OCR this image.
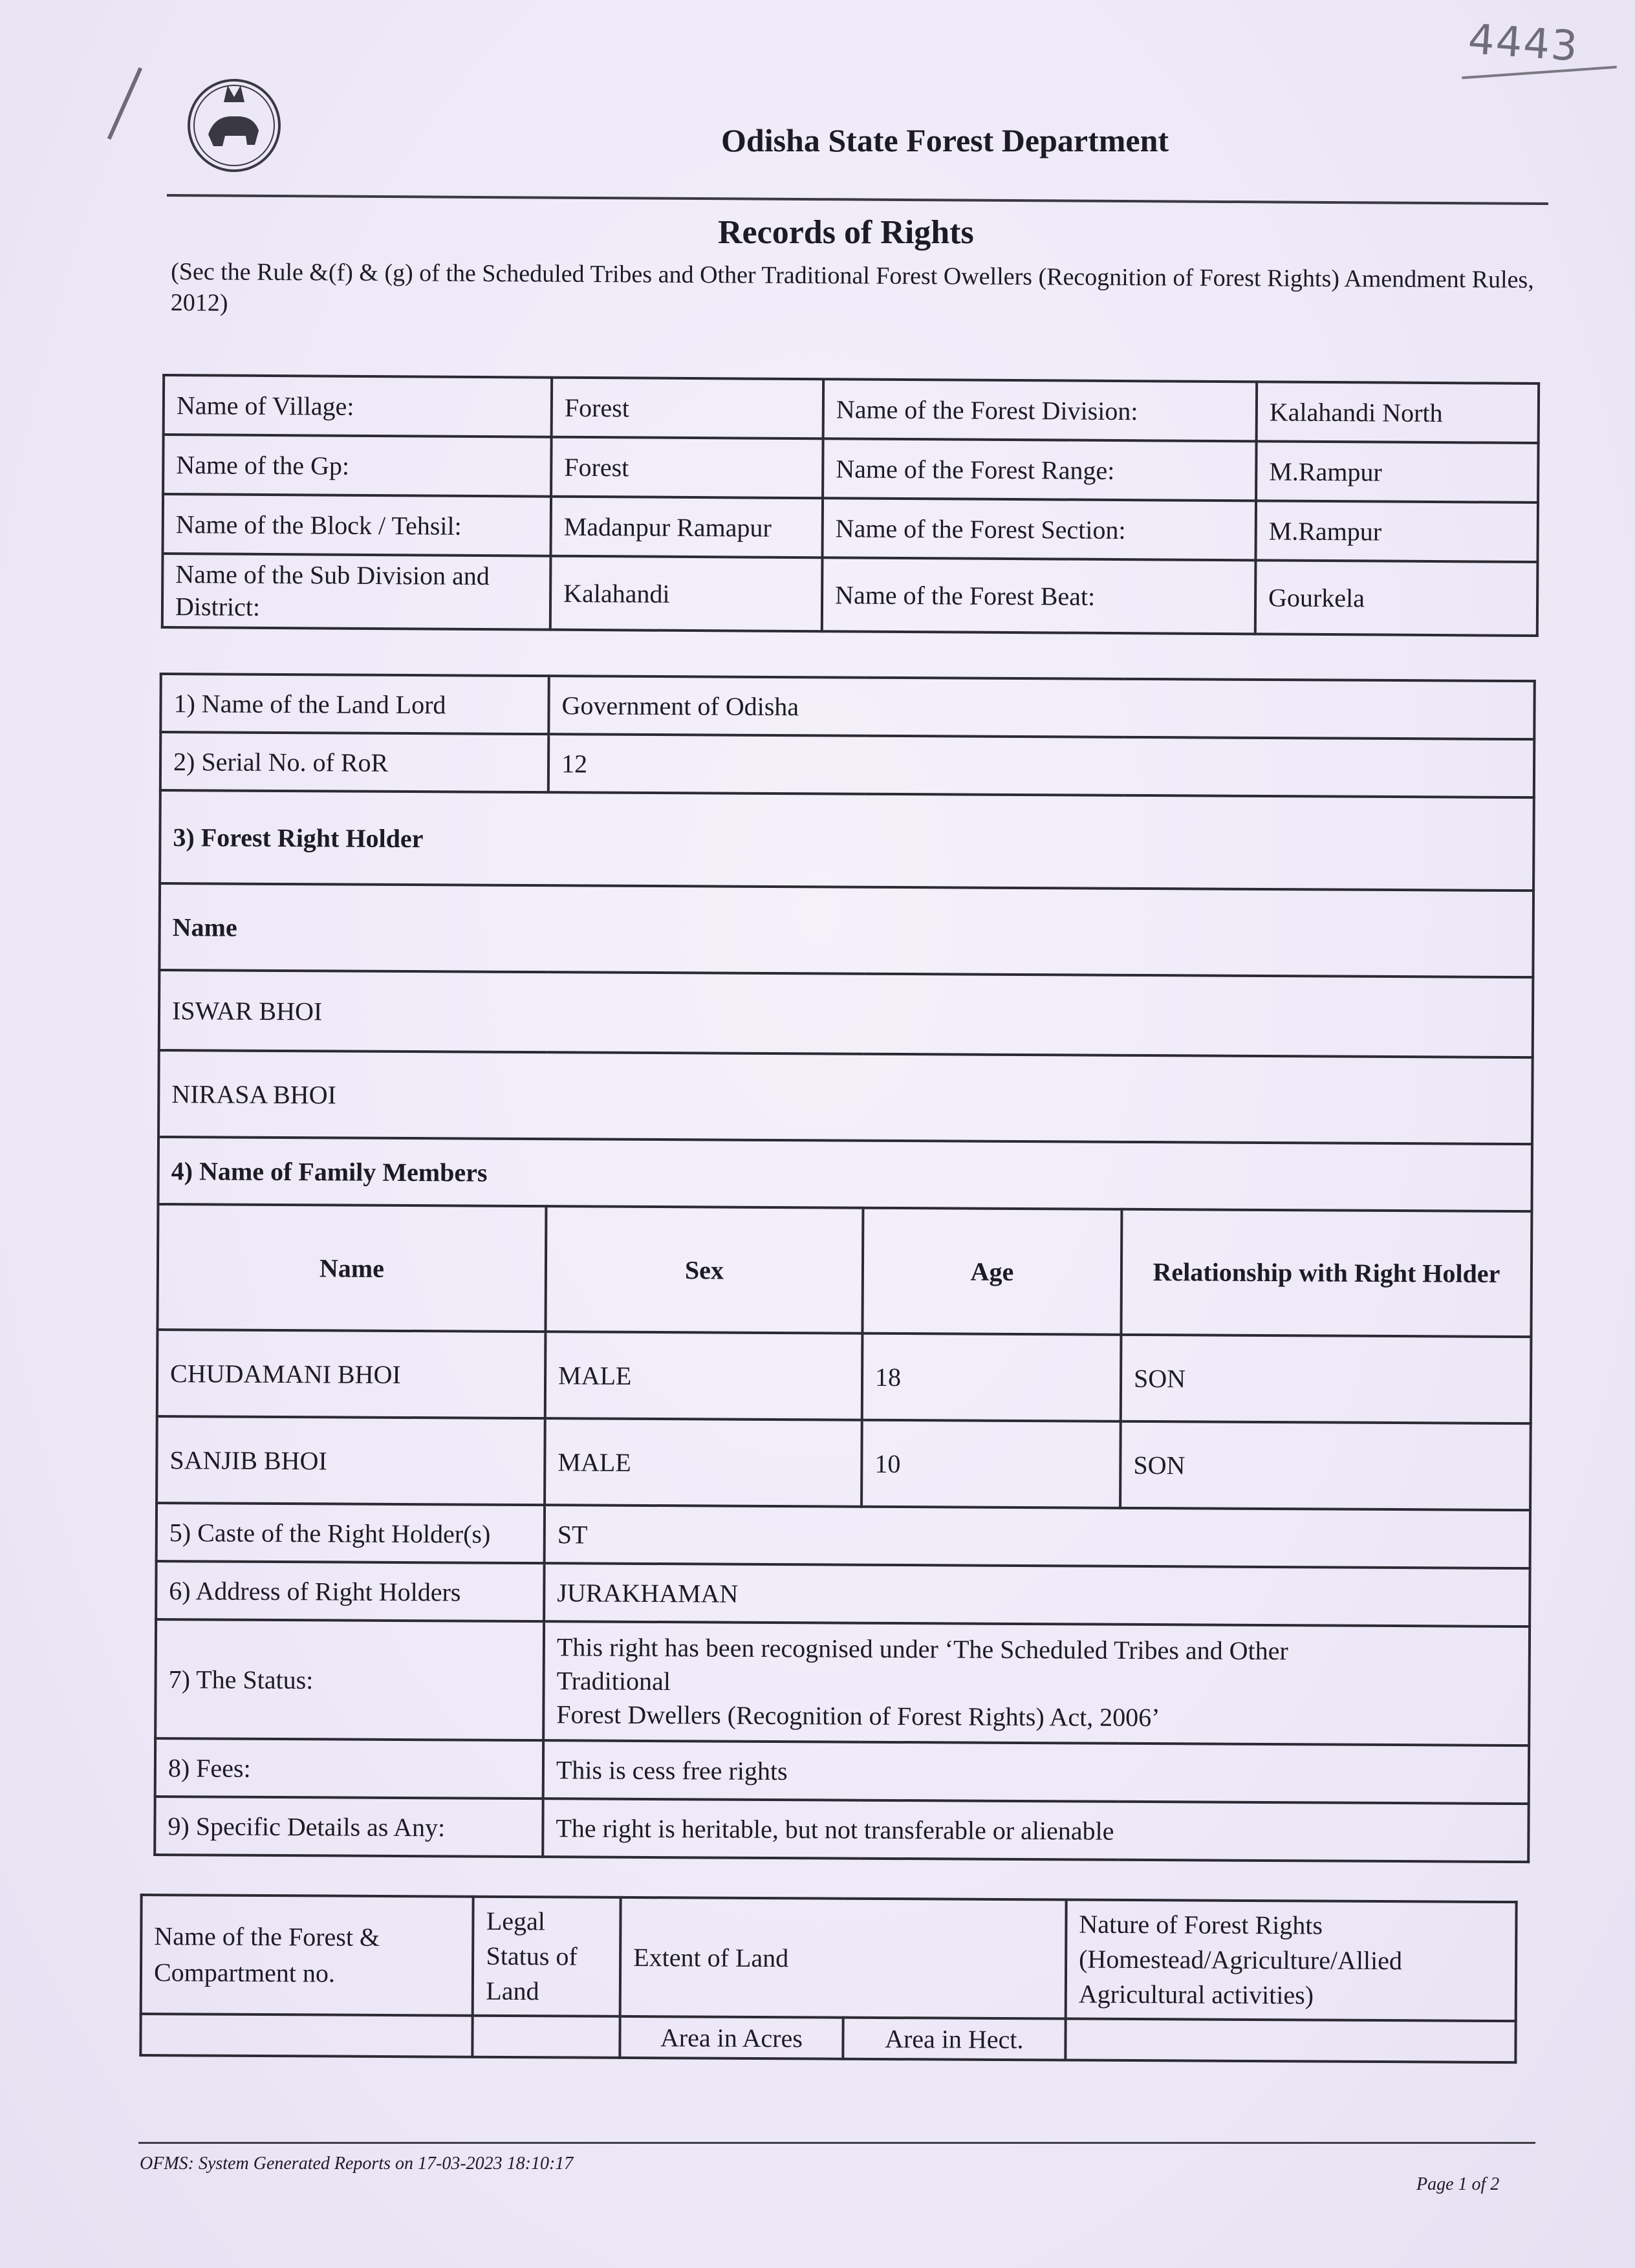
4443
Odisha State Forest Department
Records of Rights
(Sec the Rule &(f) & (g) of the Scheduled Tribes and Other Traditional Forest Owellers (Recognition of Forest Rights) Amendment Rules, 2012)
Name of Village:	Forest	Name of the Forest Division:	Kalahandi North
Name of the Gp:	Forest	Name of the Forest Range:	M.Rampur
Name of the Block / Tehsil:	Madanpur Ramapur	Name of the Forest Section:	M.Rampur
Name of the Sub Division and District:	Kalahandi	Name of the Forest Beat:	Gourkela
1) Name of the Land Lord	Government of Odisha		
2) Serial No. of RoR	12		
3) Forest Right Holder			
Name			
ISWAR BHOI			
NIRASA BHOI			
4) Name of Family Members			
Name	Sex	Age	Relationship with Right Holder
CHUDAMANI BHOI	MALE	18	SON
SANJIB BHOI	MALE	10	SON
5) Caste of the Right Holder(s)	ST		
6) Address of Right Holders	JURAKHAMAN		
7) The Status:	This right has been recognised under ‘The Scheduled Tribes and Other
Traditional
Forest Dwellers (Recognition of Forest Rights) Act, 2006’		

8) Fees:	This is cess free rights		
9) Specific Details as Any:	The right is heritable, but not transferable or alienable		
Name of the Forest & Compartment no.	Legal Status of Land	Extent of Land		Nature of Forest Rights (Homestead/Agriculture/Allied Agricultural activities)
		Area in Acres	Area in Hect.	
OFMS: System Generated Reports on 17-03-2023 18:10:17
Page 1 of 2
